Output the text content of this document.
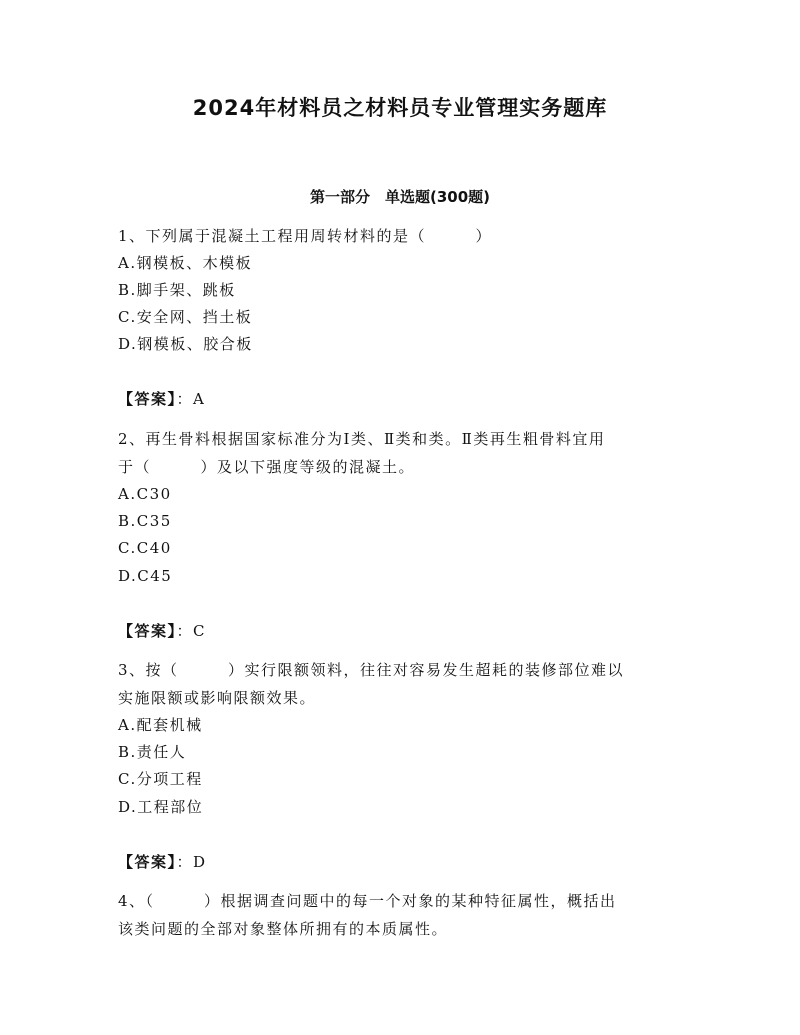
2024年材料员之材料员专业管理实务题库
第一部分　单选题(300题)
1、下列属于混凝土工程用周转材料的是（　　　）
A.钢模板、木模板
B.脚手架、跳板
C.安全网、挡土板
D.钢模板、胶合板
【答案】：A
2、再生骨料根据国家标准分为Ⅰ类、Ⅱ类和类。Ⅱ类再生粗骨料宜用
于（　　　）及以下强度等级的混凝土。
A.C30
B.C35
C.C40
D.C45
【答案】：C
3、按（　　　）实行限额领料，往往对容易发生超耗的装修部位难以
实施限额或影响限额效果。
A.配套机械
B.责任人
C.分项工程
D.工程部位
【答案】：D
4、（　　　）根据调查问题中的每一个对象的某种特征属性，概括出
该类问题的全部对象整体所拥有的本质属性。
